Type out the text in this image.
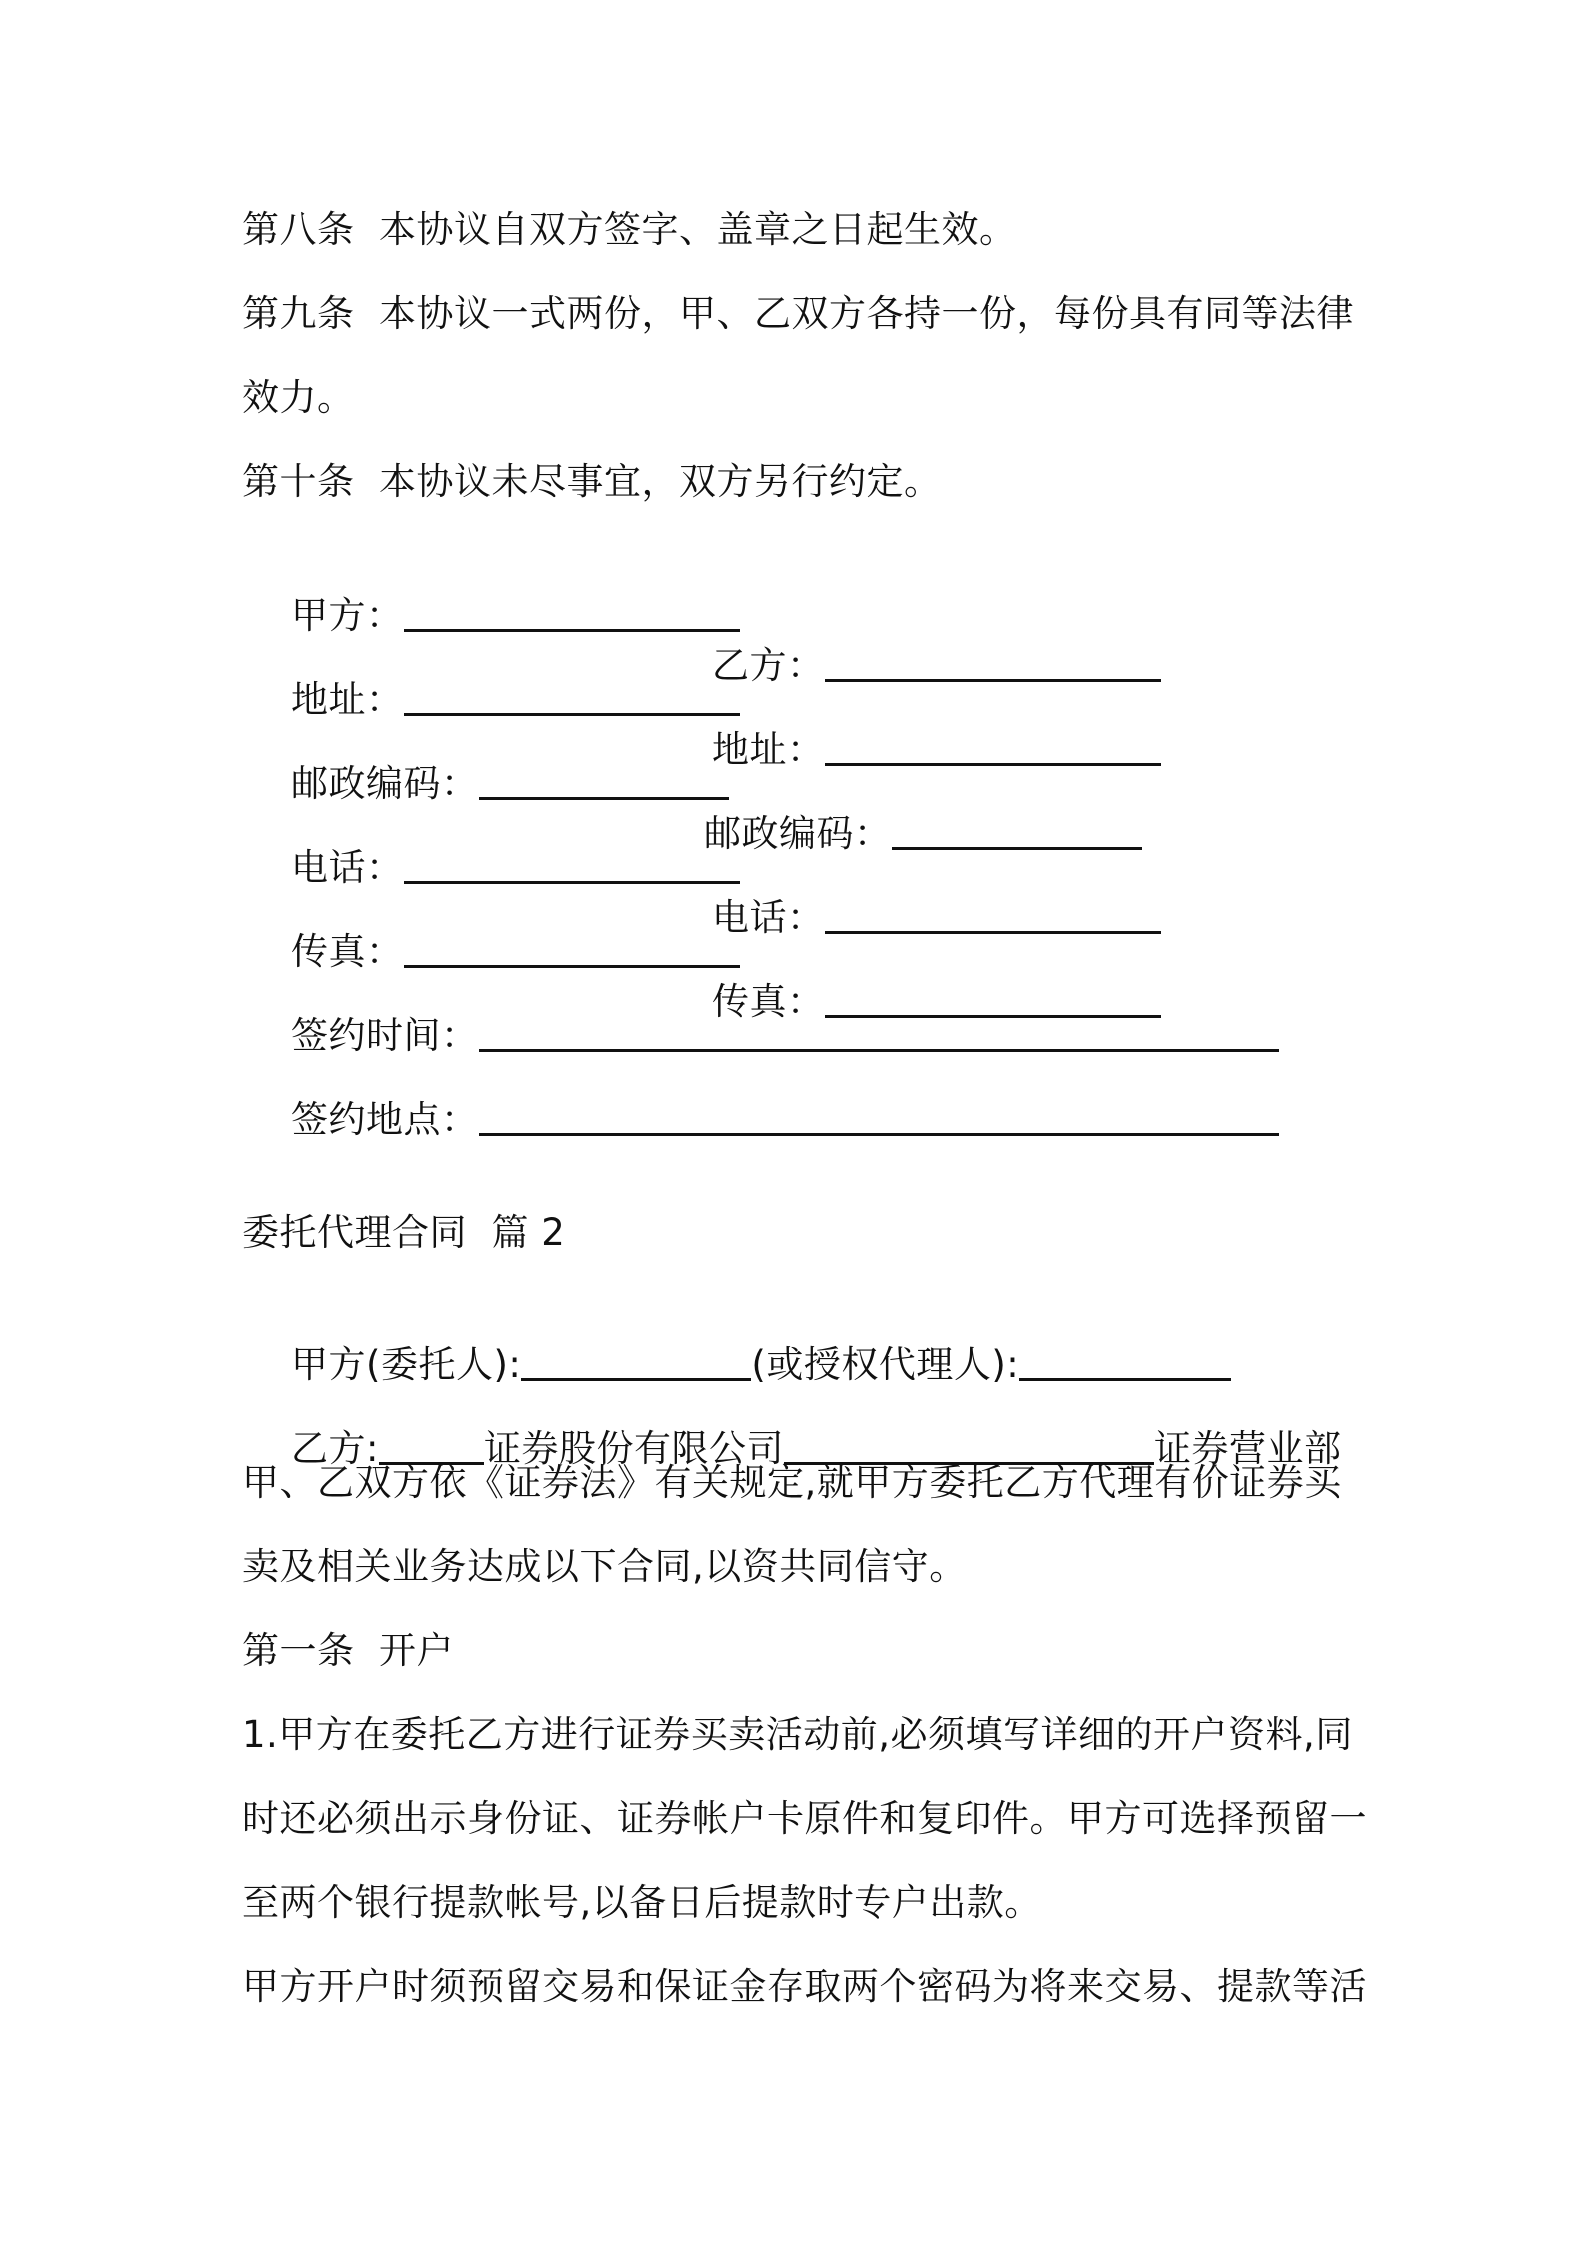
第八条  本协议自双方签字、盖章之日起生效。
第九条  本协议一式两份，甲、乙双方各持一份，每份具有同等法律
效力。
第十条  本协议未尽事宜，双方另行约定。

甲方：

乙方：

地址：

地址：

邮政编码：

邮政编码：

电话：

电话：

传真：

传真：

签约时间：

签约地点：

委托代理合同  篇 2

甲方(委托人):	(或授权代理人):

乙方:	证券股份有限公司	证券营业部

甲、乙双方依《证券法》有关规定,就甲方委托乙方代理有价证券买
卖及相关业务达成以下合同,以资共同信守。
第一条  开户
1.甲方在委托乙方进行证券买卖活动前,必须填写详细的开户资料,同
时还必须出示身份证、证券帐户卡原件和复印件。甲方可选择预留一
至两个银行提款帐号,以备日后提款时专户出款。
甲方开户时须预留交易和保证金存取两个密码为将来交易、提款等活
